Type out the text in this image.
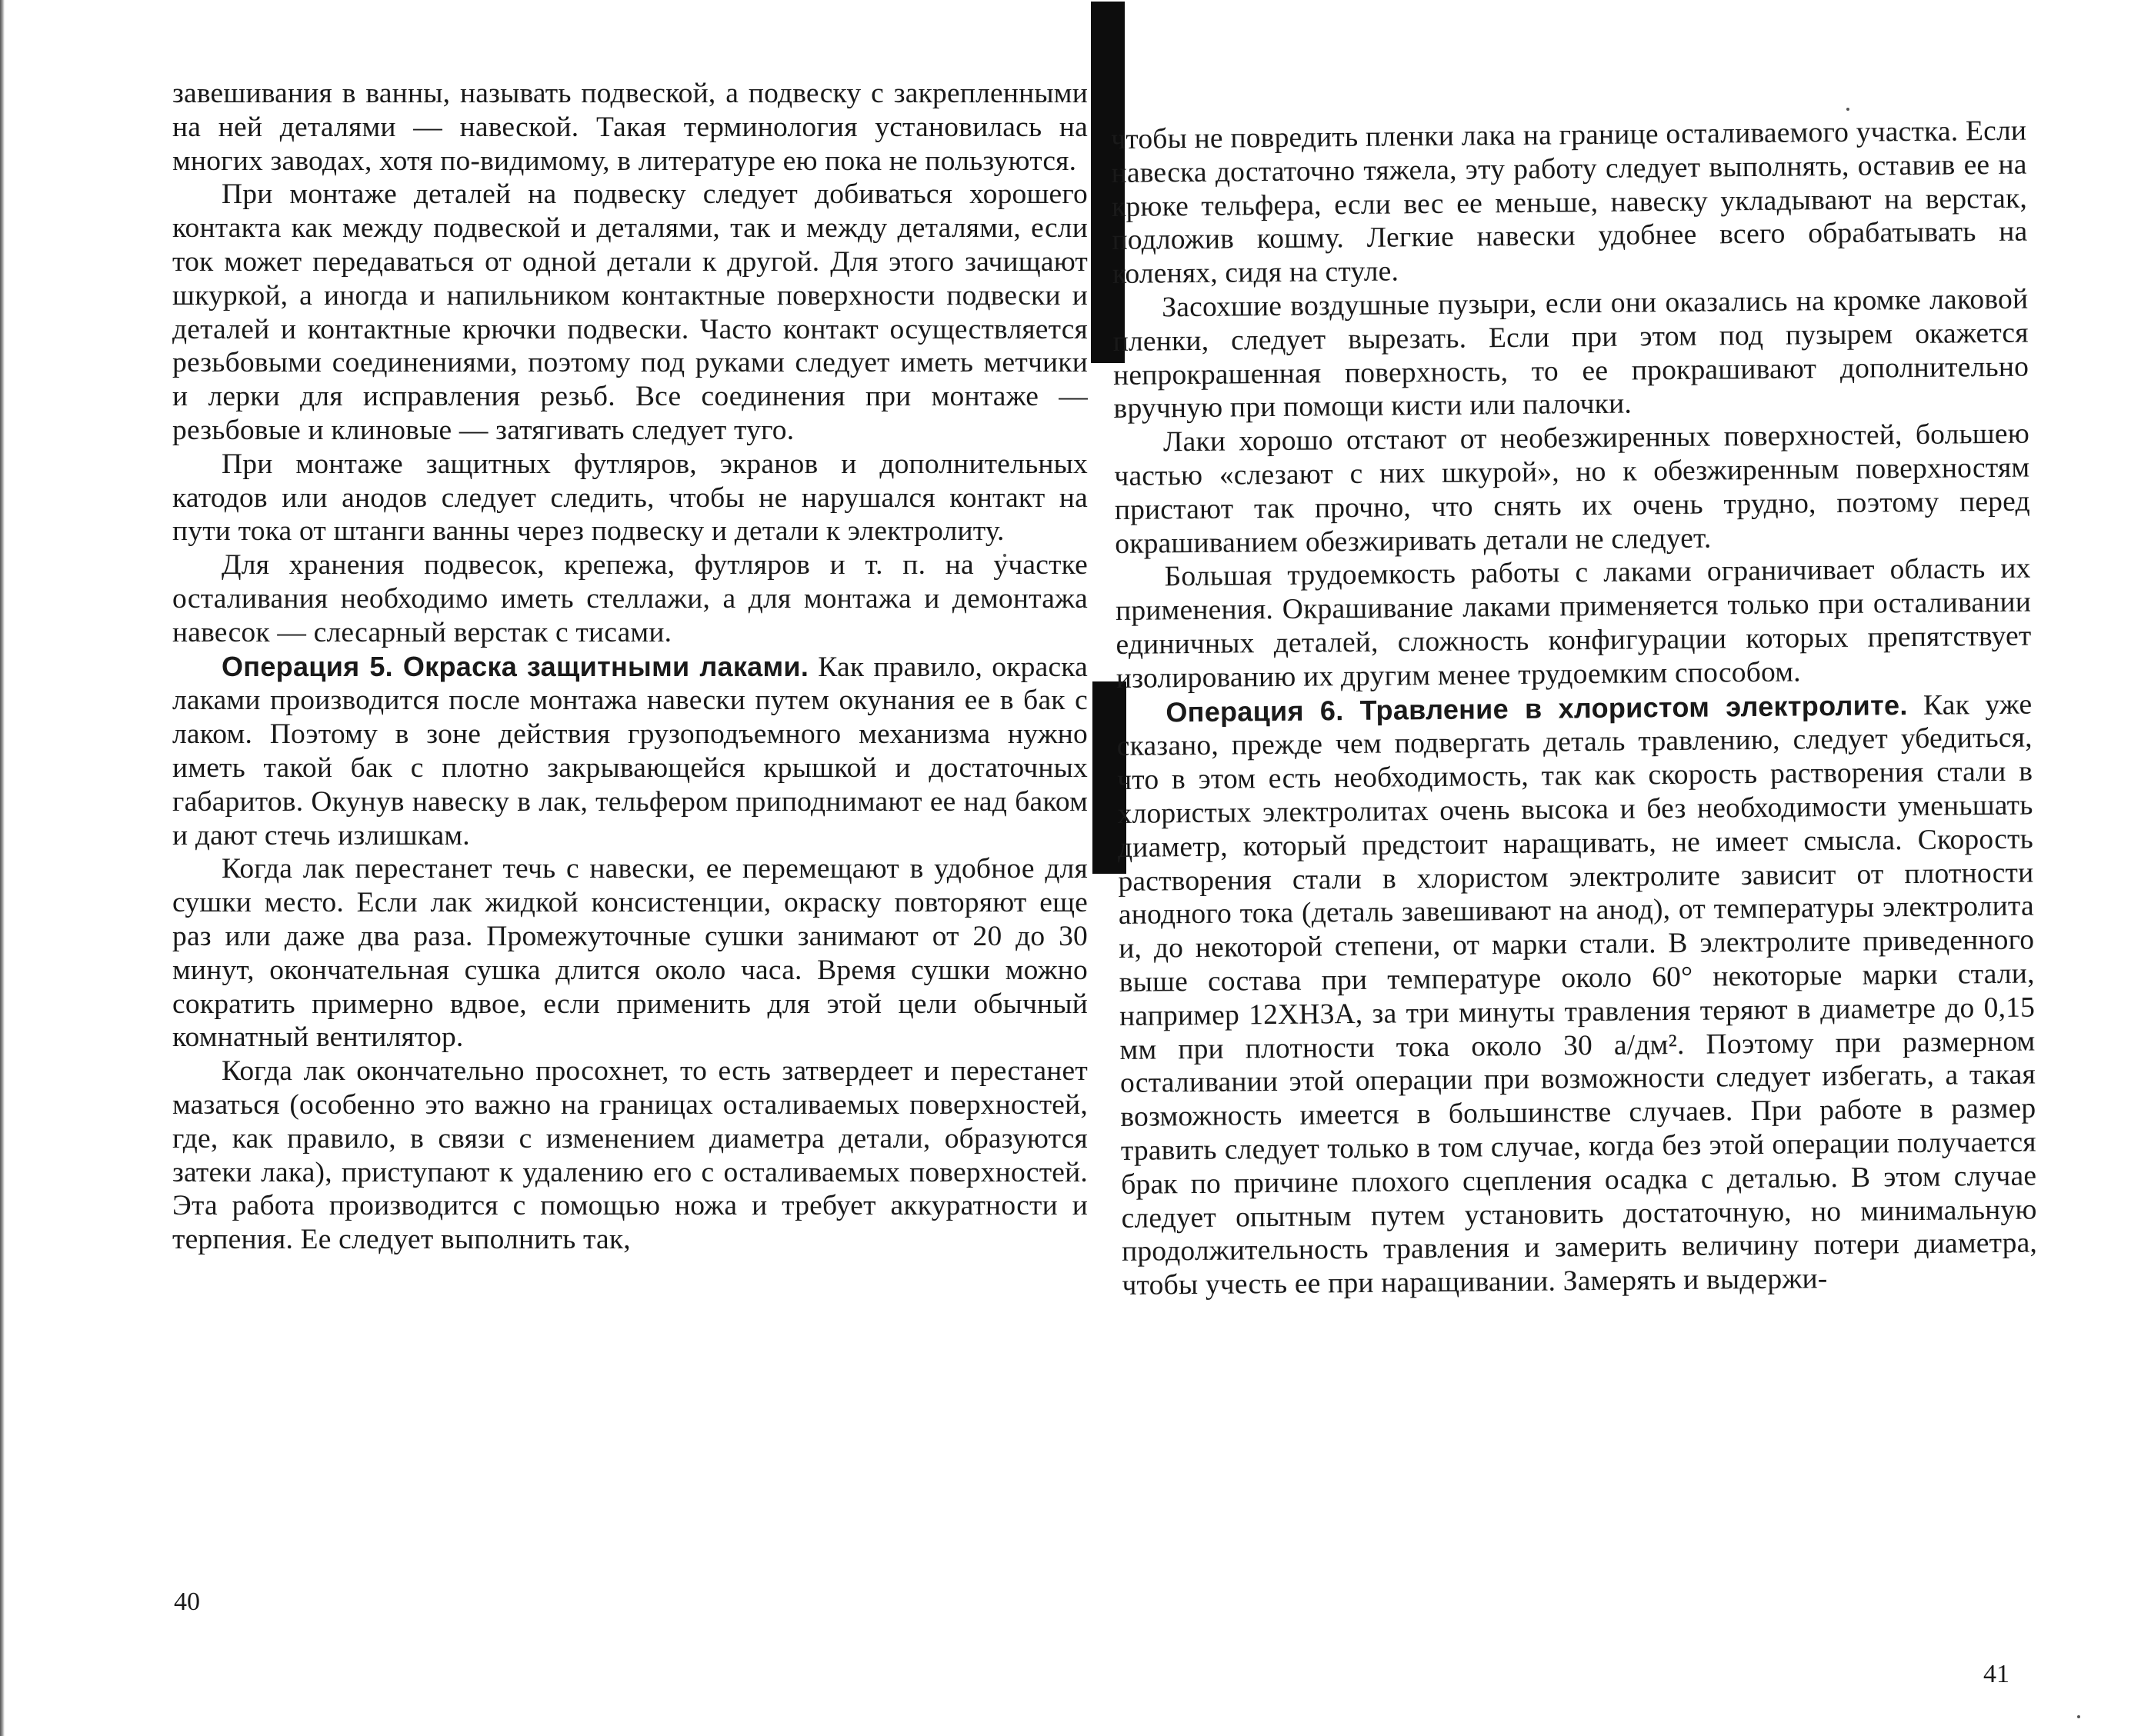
завешивания в ванны, называть подвеской, а подвеску с закрепленными на ней деталями — навеской. Такая терминология установилась на многих заводах, хотя по-видимому, в литературе ею пока не пользуются.

При монтаже деталей на подвеску следует добиваться хорошего контакта как между подвеской и деталями, так и между деталями, если ток может передаваться от одной детали к другой. Для этого зачищают шкуркой, а иногда и напильником контактные поверхности подвески и деталей и контактные крючки подвески. Часто контакт осуществляется резьбовыми соединениями, поэтому под руками следует иметь метчики и лерки для исправления резьб. Все соединения при монтаже — резьбовые и клиновые — затягивать следует туго.

При монтаже защитных футляров, экранов и дополнительных катодов или анодов следует следить, чтобы не нарушался контакт на пути тока от штанги ванны через подвеску и детали к электролиту.

Для хранения подвесок, крепежа, футляров и т. п. на участке осталивания необходимо иметь стеллажи, а для монтажа и демонтажа навесок — слесарный верстак с тисами.

Операция 5. Окраска защитными лаками. Как правило, окраска лаками производится после монтажа навески путем окунания ее в бак с лаком. Поэтому в зоне действия грузоподъемного механизма нужно иметь такой бак с плотно закрывающейся крышкой и достаточных габаритов. Окунув навеску в лак, тельфером приподнимают ее над баком и дают стечь излишкам.

Когда лак перестанет течь с навески, ее перемещают в удобное для сушки место. Если лак жидкой консистенции, окраску повторяют еще раз или даже два раза. Промежуточные сушки занимают от 20 до 30 минут, окончательная сушка длится около часа. Время сушки можно сократить примерно вдвое, если применить для этой цели обычный комнатный вентилятор.

Когда лак окончательно просохнет, то есть затвердеет и перестанет мазаться (особенно это важно на границах осталиваемых поверхностей, где, как правило, в связи с изменением диаметра детали, образуются затеки лака), приступают к удалению его с осталиваемых поверхностей. Эта работа производится с помощью ножа и требует аккуратности и терпения. Ее следует выполнить так,

40

чтобы не повредить пленки лака на границе осталиваемого участка. Если навеска достаточно тяжела, эту работу следует выполнять, оставив ее на крюке тельфера, если вес ее меньше, навеску укладывают на верстак, подложив кошму. Легкие навески удобнее всего обрабатывать на коленях, сидя на стуле.

Засохшие воздушные пузыри, если они оказались на кромке лаковой пленки, следует вырезать. Если при этом под пузырем окажется непрокрашенная поверхность, то ее прокрашивают дополнительно вручную при помощи кисти или палочки.

Лаки хорошо отстают от необезжиренных поверхностей, большею частью «слезают с них шкурой», но к обезжиренным поверхностям пристают так прочно, что снять их очень трудно, поэтому перед окрашиванием обезжиривать детали не следует.

Большая трудоемкость работы с лаками ограничивает область их применения. Окрашивание лаками применяется только при осталивании единичных деталей, сложность конфигурации которых препятствует изолированию их другим менее трудоемким способом.

Операция 6. Травление в хлористом электролите. Как уже сказано, прежде чем подвергать деталь травлению, следует убедиться, что в этом есть необходимость, так как скорость растворения стали в хлористых электролитах очень высока и без необходимости уменьшать диаметр, который предстоит наращивать, не имеет смысла. Скорость растворения стали в хлористом электролите зависит от плотности анодного тока (деталь завешивают на анод), от температуры электролита и, до некоторой степени, от марки стали. В электролите приведенного выше состава при температуре около 60° некоторые марки стали, например 12ХН3А, за три минуты травления теряют в диаметре до 0,15 мм при плотности тока около 30 а/дм². Поэтому при размерном осталивании этой операции при возможности следует избегать, а такая возможность имеется в большинстве случаев. При работе в размер травить следует только в том случае, когда без этой операции получается брак по причине плохого сцепления осадка с деталью. В этом случае следует опытным путем установить достаточную, но минимальную продолжительность травления и замерить величину потери диаметра, чтобы учесть ее при наращивании. Замерять и выдержи-

41
